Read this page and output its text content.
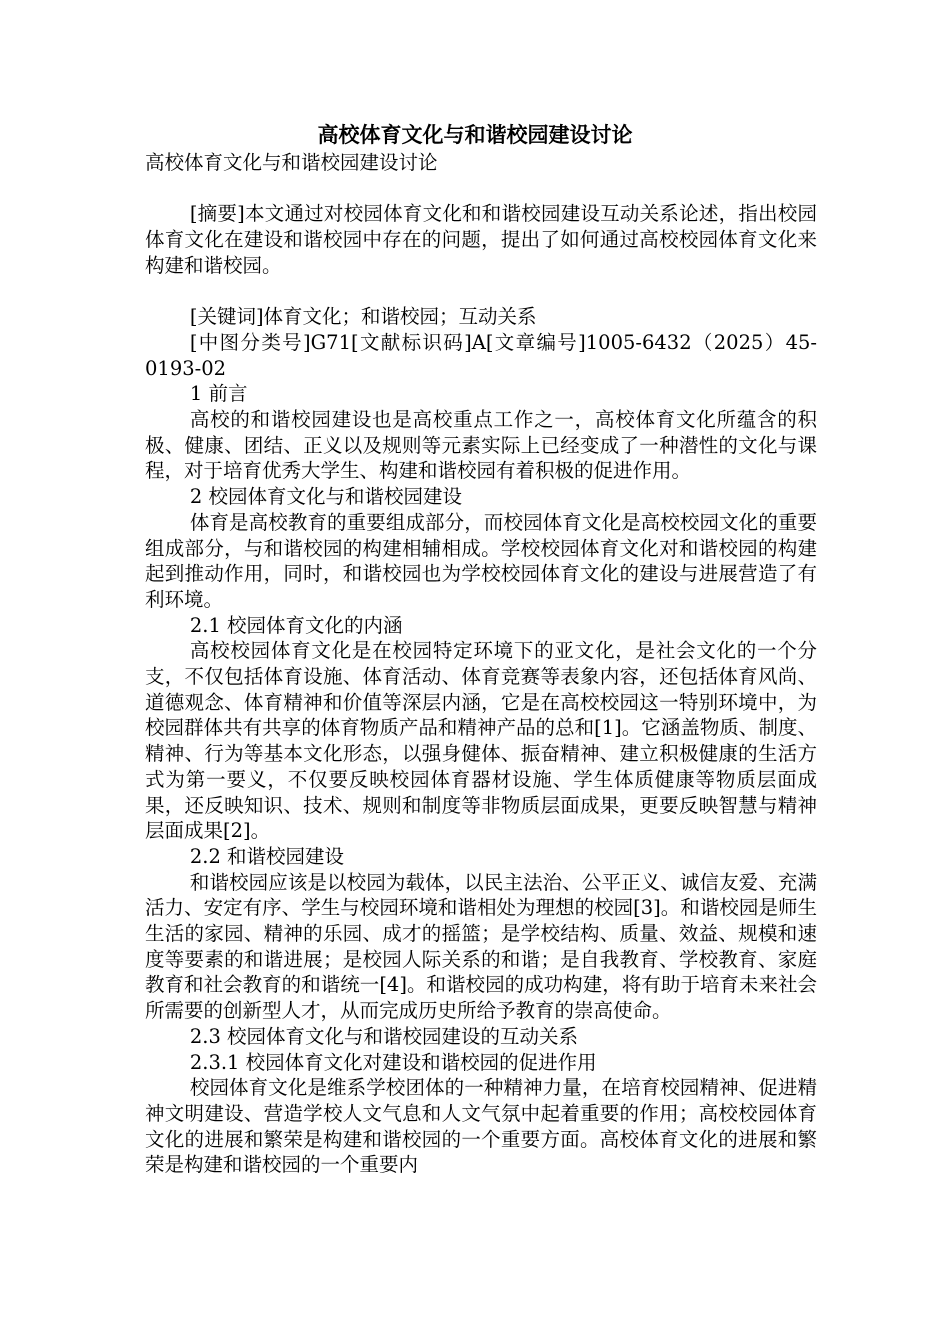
高校体育文化与和谐校园建设讨论

高校体育文化与和谐校园建设讨论

[摘要]本文通过对校园体育文化和和谐校园建设互动关系论述，指出校园体育文化在建设和谐校园中存在的问题，提出了如何通过高校校园体育文化来构建和谐校园。

[关键词]体育文化；和谐校园；互动关系

[中图分类号]G71[文献标识码]A[文章编号]1005-6432（2025）45-0193-02

1 前言

高校的和谐校园建设也是高校重点工作之一，高校体育文化所蕴含的积极、健康、团结、正义以及规则等元素实际上已经变成了一种潜性的文化与课程，对于培育优秀大学生、构建和谐校园有着积极的促进作用。

2 校园体育文化与和谐校园建设

体育是高校教育的重要组成部分，而校园体育文化是高校校园文化的重要组成部分，与和谐校园的构建相辅相成。学校校园体育文化对和谐校园的构建起到推动作用，同时，和谐校园也为学校校园体育文化的建设与进展营造了有利环境。

2.1 校园体育文化的内涵

高校校园体育文化是在校园特定环境下的亚文化，是社会文化的一个分支，不仅包括体育设施、体育活动、体育竞赛等表象内容，还包括体育风尚、道德观念、体育精神和价值等深层内涵，它是在高校校园这一特别环境中，为校园群体共有共享的体育物质产品和精神产品的总和[1]。它涵盖物质、制度、精神、行为等基本文化形态，以强身健体、振奋精神、建立积极健康的生活方式为第一要义，不仅要反映校园体育器材设施、学生体质健康等物质层面成果，还反映知识、技术、规则和制度等非物质层面成果，更要反映智慧与精神层面成果[2]。

2.2 和谐校园建设

和谐校园应该是以校园为载体，以民主法治、公平正义、诚信友爱、充满活力、安定有序、学生与校园环境和谐相处为理想的校园[3]。和谐校园是师生生活的家园、精神的乐园、成才的摇篮；是学校结构、质量、效益、规模和速度等要素的和谐进展；是校园人际关系的和谐；是自我教育、学校教育、家庭教育和社会教育的和谐统一[4]。和谐校园的成功构建，将有助于培育未来社会所需要的创新型人才，从而完成历史所给予教育的崇高使命。

2.3 校园体育文化与和谐校园建设的互动关系

2.3.1 校园体育文化对建设和谐校园的促进作用

校园体育文化是维系学校团体的一种精神力量，在培育校园精神、促进精神文明建设、营造学校人文气息和人文气氛中起着重要的作用；高校校园体育文化的进展和繁荣是构建和谐校园的一个重要方面。高校体育文化的进展和繁荣是构建和谐校园的一个重要内
